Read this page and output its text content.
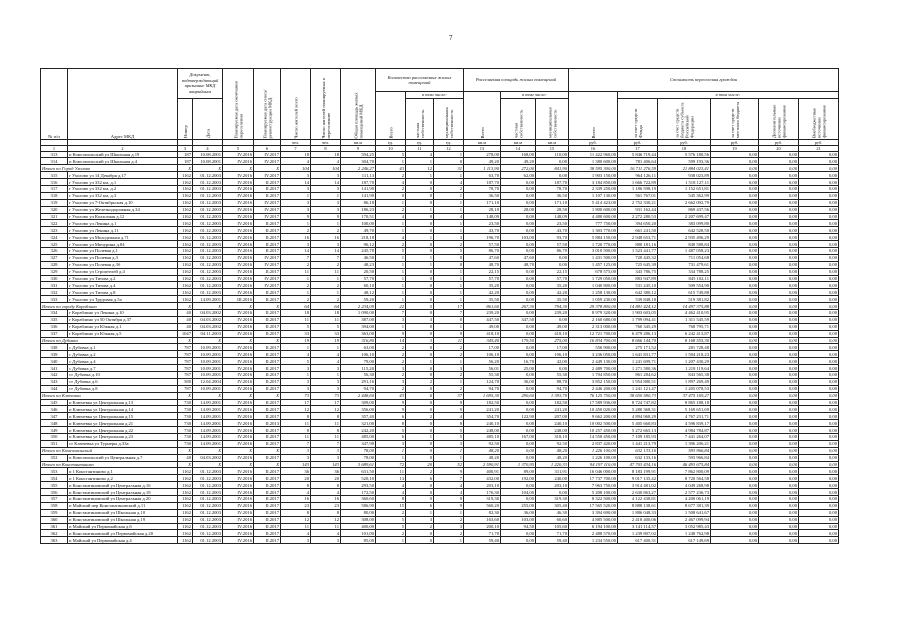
7
№ п/п	Адрес МКД	Документ, подтверждающий признание МКД аварийным		Планируемая дата окончания переселения	Планируемая дата сноса/ реконструкции МКД	Число жителей всего	Число жителей планируемых к переселению	Общая площадь жилых помещений МКД	Количество расселяемых жилых помещений			Расселяемая площадь жилых помещений			Стоимость переселения граждан					
									Всего	в том числе:		Всего	в том числе:		Всего	в том числе:				
		Номер	Дата							частная собственность	муниципальная собственность		частная собственность	муниципальная собственность		за счет средств Фонда	за счет средств бюджета субъекта Российской Федерации	за счет средств местного бюджета	Дополнительные источники финансирования	Внебюджетные источники финансирования
						чел.	чел.	кв.м	ед.	ед.	ед.	кв.м	кв.м	кв.м	руб.	руб.	руб.	руб.	руб.	руб.
1	2	3	4	5	6	7	8	9	10	11	12	13	14	15	16	17	18	19	20	21
313	п Комсомольский ул Школьная д.19	187	10.08.2001	IV.2016	IV.2017	18	18	594,25	5	4	1	278,00	168,00	110,00	11 422 960,00	5 846 719,44	5 576 180,56	0,00	0,00	0,00
314	п Комсомольский ул Школьная д.4	187	10.08.2001	IV.2016	IV.2017	4	4	304,70	1	1	0	49,20	49,20	0,00	1 380 600,00	781 406,64	599 193,36	0,00	0,00	0,00
Итого по Город Ухолово		X	X	X	X	104	104	2 246,27	43	12	31	1 113,90	272,00	841,90	38 595 300,00	16 711 276,59	21 884 023,41	0,00	0,00	0,00
315	г Ухолово ул 14 Декабря д.17	1162	01.12.2003	IV.2016	IV.2017	3	3	111,13	2	1	1	63,70	62,00	0,00	1 903 150,00	964 126,11	938 023,89	0,00	0,00	0,00
316	г Ухолово ул 332 км, д.1	1162	01.12.2003	IV.2016	II.2017	14	14	187,70	4	0	4	187,70	0,00	187,70	3 184 850,00	1 666 722,89	1 518 127,11	0,00	0,00	0,00
317	г Ухолово ул 332 км, д.2	1162	01.12.2003	IV.2016	II.2017	3	3	141,90	2	0	2	78,70	0,00	78,70	2 339 250,00	1 186 598,19	1 152 651,81	0,00	0,00	0,00
318	г Ухолово ул 332 км, д.3	1162	01.12.2003	IV.2016	II.2017	1	1	141,90	0	0	1	36,50	0,00	36,50	1 107 130,00	561 767,01	545 362,99	0,00	0,00	0,00
319	г Ухолово ул 7-Октябрьская д.10	1162	01.12.2003	IV.2016	IV.2017	3	3	86,18	1	0	1	171,10	0,00	171,10	5 414 423,00	2 752 330,21	2 662 092,79	0,00	0,00	0,00
320	г Ухолово ул Железнодорожная д.34	1162	01.12.2003	IV.2016	IV.2017	3	3	186,23	2	1	1	28,10	28,00	28,50	1 800 600,00	931 162,44	869 437,56	0,00	0,00	0,00
321	г Ухолово ул Колхозная д.12	1162	01.12.2003	IV.2016	IV.2017	9	9	170,51	4	0	4	148,09	0,00	148,09	4 480 600,00	2 272 280,53	2 207 699,47	0,00	0,00	0,00
322	г Ухолово ул Ленина д.1	1162	01.12.2003	IV.2016	II.2017	1	1	100,00	1	0	1	23,50	0,00	23,50	777 750,00	394 650,20	383 099,80	0,00	0,00	0,00
323	г Ухолово ул Ленина д.11	1162	01.12.2003	IV.2016	II.2017	2	2	49,70	1	0	1	43,70	0,00	43,70	1 303 770,00	661 241,50	642 528,50	0,00	0,00	0,00
324	г Ухолово ул Молодежная д.71	1162	01.12.2003	IV.2016	II.2017	16	16	218,18	4	1	3	196,70	103,00	93,70	5 884 150,00	2 948 653,71	2 935 496,29	0,00	0,00	0,00
325	г Ухолово ул Мичурина д.84	1162	01.12.2003	IV.2016	II.2017	3	3	96,12	2	0	2	57,50	0,00	57,50	1 720 770,00	880 181,16	840 588,84	0,00	0,00	0,00
326	г Ухолово ул Полевая д.1	1162	01.12.2003	IV.2016	II.2017	14	14	245,70	5	0	5	86,70	0,00	86,70	3 010 500,00	1 523 441,77	1 487 058,23	0,00	0,00	0,00
327	г Ухолово ул Полевая д.3	1162	01.12.2003	IV.2016	IV.2017	7	7	46,50	1	1	0	47,60	47,60	0,00	1 431 500,00	720 445,32	711 054,68	0,00	0,00	0,00
328	г Ухолово ул Полевая д.3б	1162	01.12.2003	IV.2016	IV.2017	2	2	48,23	1	1	0	48,70	48,70	0,00	1 457 125,00	725 645,39	731 479,61	0,00	0,00	0,00
329	г Ухолово ул Строителей д.4	1162	01.12.2003	IV.2016	II.2017	11	11	20,50	1	0	1	22,15	0,00	22,15	678 575,00	343 786,75	334 788,25	0,00	0,00	0,00
330	г Ухолово ул Титова д.2	1162	01.12.2003	IV.2016	IV.2017	1	1	57,70	1	0	1	57,70	0,00	57,70	1 729 050,00	883 947,89	845 102,11	0,00	0,00	0,00
331	г Ухолово ул Титова д.4	1162	01.12.2003	IV.2016	IV.2017	2	2	60,10	1	0	1	35,20	0,00	35,20	1 040 800,00	531 245,10	509 554,90	0,00	0,00	0,00
332	г Ухолово ул Титова д.8	1162	01.12.2003	IV.2016	II.2017	1	1	48,12	1	0	1	42,20	0,00	42,20	1 258 130,00	642 380,12	615 749,88	0,00	0,00	0,00
333	г Ухолово ул Трудовая д.5а	1162	14.09.2001	III.2016	II.2017	2	2	59,20	1	0	1	35,50	0,00	35,50	1 059 230,00	539 848,18	519 381,82	0,00	0,00	0,00
Итого по городу Кораблино		X	X	X	X	64	64	2 234,09	22	5	17	861,60	267,30	794,30	29 378 800,00	14 881 424,12	14 497 375,88	0,00	0,00	0,00
334	г Кораблино ул Ленина д.10	40	04.03.2002	IV.2016	II.2017	18	18	1 090,00	7	0	7	239,20	0,00	239,20	8 979 320,00	1 903 603,05	4 462 410,95	0,00	0,00	0,00
335	г Кораблино ул 50 Октября д.37	40	04.03.2002	IV.2016	II.2017	11	11	387,00	3	3	0	447,50	347,50	0,00	2 160 680,00	1 799 094,41	1 311 545,59	0,00	0,00	0,00
336	г Кораблино ул Южная д.1	40	04.03.2002	IV.2016	II.2017	5	5	394,00	1	0	1	49,00	0,00	49,00	2 313 000,00	760 345,29	768 795,71	0,00	0,00	0,00
337	г Кораблино ул Южная д.5	1047	04.11.2003	IV.2016	II.2017	33	33	363,00	9	0	9	418,10	0,00	418,10	12 721 700,00	6 479 286,13	6 242 413,87	0,00	0,00	0,00
Итого по Дубовка		X	X	X	X	19	19	316,80	14	3	11	345,40	179,50	275,00	16 834 700,00	8 666 144,70	8 168 555,30	0,00	0,00	0,00
338	с Дубовка д.1	787	10.09.2001	IV.2016	II.2017	1	1	63,00	2	0	2	17,00	0,00	17,00	556 900,00	275 171,52	281 728,48	0,00	0,00	0,00
339	с Дубовка д.2	787	10.09.2001	IV.2016	II.2017	4	4	106,10	2	0	2	106,10	0,00	106,10	3 236 050,00	1 641 831,77	1 594 218,23	0,00	0,00	0,00
340	с Дубовка д.4	787	10.09.2001	IV.2016	II.2017	5	4	79,00	2	1	1	56,20	16,70	42,00	2 449 130,00	1 241 699,71	1 207 430,29	0,00	0,00	0,00
341	с Дубовка д.7	787	10.09.2001	IV.2016	II.2017	3	3	115,20	3	0	3	56,01	25,00	0,00	2 489 700,00	1 271 580,36	1 218 119,64	0,00	0,00	0,00
342	ст Дубовка д.10	787	10.09.2001	IV.2016	II.2017	1	1	56,30	2	0	2	55,30	0,00	55,30	1 704 850,00	861 284,62	843 565,38	0,00	0,00	0,00
343	ст Дубовка д.6	580	12.04.2004	IV.2016	II.2017	3	3	291,16	3	2	1	124,70	36,00	88,70	3 852 150,00	1 954 880,51	1 897 269,49	0,00	0,00	0,00
344	ст Дубовка д.8	787	10.09.2001	IV.2016	II.2017	3	3	94,70	2	0	2	94,70	0,00	94,70	2 446 200,00	1 241 121,47	1 205 078,53	0,00	0,00	0,00
Итого по Ключевка		X	X	X	X	73	73	2 448,60	43	6	37	1 695,30	290,60	1 393,70	76 125 750,00	38 650 580,73	37 475 169,27	0,00	0,00	0,00
345	п Ключевка ул Центральная д.13	730	14.09.2001	IV.2016	II.2017	17	17	309,00	9	0	9	182,50	0,00	182,50	17 589 936,00	8 724 747,82	8 865 188,18	0,00	0,00	0,00
346	п Ключевка ул Центральная д.14	730	14.09.2001	IV.2016	II.2017	12	12	356,00	9	0	9	241,20	0,00	241,20	10 450 020,00	5 280 368,31	5 169 651,69	0,00	0,00	0,00
347	п Ключевка ул Центральная д.15	730	14.09.2001	IV.2016	II.2017	8	8	357,40	6	2	4	354,70	122,90	207,00	9 662 200,00	4 894 968,29	4 767 231,71	0,00	0,00	0,00
348	п Ключевка ул Центральная д.21	730	14.09.2001	IV.2016	II.2013	11	11	321,00	8	0	8	240,10	0,00	240,10	10 002 500,00	5 405 660,83	4 596 839,17	0,00	0,00	0,00
349	п Ключевка ул Центральная д.22	730	14.09.2001	IV.2016	II.2017	8	8	242,20	5	0	5	248,00	0,00	248,00	10 257 450,00	5 272 665,13	4 984 784,87	0,00	0,00	0,00
350	п Ключевка ул Центральная д.23	730	14.09.2001	IV.2016	II.2017	11	11	485,00	6	1	5	485,10	167,00	318,10	14 550 450,00	7 109 185,93	7 441 264,07	0,00	0,00	0,00
351	ст Ключевка ул Турнеры д.33а	730	14.09.2001	IV.2016	II.2017	7	7	347,90	3	0	3	92,50	0,00	92,50	2 837 420,00	1 441 213,79	1 396 206,21	0,00	0,00	0,00
Итого по Комсомольский		X	X	X	X	3	3	78,00	1	0	1	48,20	0,00	48,20	1 226 100,00	632 133,16	593 966,84	0,00	0,00	0,00
352	п Комсомольский ул Центральная д.7	40	04.03.2002	IV.2016	II.2017	3	3	78,00	1	0	1	48,20	0,00	48,20	1 226 100,00	632 133,16	593 966,84	0,00	0,00	0,00
Итого по Константиново		X	X	X	X	143	143	3 689,61	72	20	52	2 590,91	1 370,95	1 220,33	94 197 110,00	47 703 434,16	46 493 675,84	0,00	0,00	0,00
353	п 1 Константиново д.1	1162	01.12.2003	IV.2016	II.2017	36	36	631,50	11	2	9	400,91	89,00	311,91	16 046 000,00	8 183 199,91	7 862 800,09	0,00	0,00	0,00
354	п 1 Константиново д.2	1162	01.12.2003	IV.2016	II.2017	20	20	520,10	13	6	7	432,00	192,00	240,00	17 737 700,00	9 017 135,42	8 720 564,58	0,00	0,00	0,00
355	п Константиновский ул Центральная д.16	1162	01.12.2003	IV.2016	II.2017	8	8	293,50	4	0	4	203,10	0,00	203,10	7 963 750,00	3 914 481,02	4 049 268,98	0,00	0,00	0,00
356	п Константиновский ул Центральная д.18	1162	01.12.2003	IV.2016	II.2017	4	4	172,50	4	0	4	176,30	104,00	0,00	5 208 100,00	2 630 863,27	2 577 236,73	0,00	0,00	0,00
357	п Константиновский ул Центральная д.20	1162	01.12.2003	IV.2016	II.2017	16	16	360,60	8	0	8	319,30	0,00	319,30	8 322 500,00	4 122 438,81	4 200 061,19	0,00	0,00	0,00
358	п Майский пер Константиновский д.11	1162	01.12.2003	IV.2016	II.2017	23	23	586,90	15	6	9	560,20	255,00	305,40	17 565 520,00	8 888 138,61	8 677 381,39	0,00	0,00	0,00
359	п Константиновский ул Школьная д.10	1162	01.12.2003	IV.2016	II.2017	8	8	80,00	2	1	1	82,30	36,00	46,30	3 394 690,00	1 886 048,33	1 508 641,67	0,00	0,00	0,00
360	п Константиновский ул Школьная д.19	1162	01.12.2003	IV.2016	II.2017	12	12	308,00	5	3	2	163,60	103,00	60,60	4 885 500,00	2 418 400,06	2 467 099,94	0,00	0,00	0,00
361	п Майский ул Первомайская д.6	1162	01.12.2003	IV.2016	II.2017	11	11	400,00	5	2	3	200,10	94,50	105,60	6 194 100,00	3 141 114,57	3 052 985,43	0,00	0,00	0,00
362	п Константиновский ул Первомайская д.20	1162	01.12.2003	IV.2016	II.2017	4	4	101,00	2	0	2	71,70	0,00	71,70	2 488 570,00	1 239 807,02	1 248 762,98	0,00	0,00	0,00
363	п Майский ул Первомайская д.4	1162	01.12.2003	IV.2016	II.2017	3	3	85,00	1	0	1	59,40	0,00	59,40	1 234 550,00	617 400,31	617 149,69	0,00	0,00	0,00
